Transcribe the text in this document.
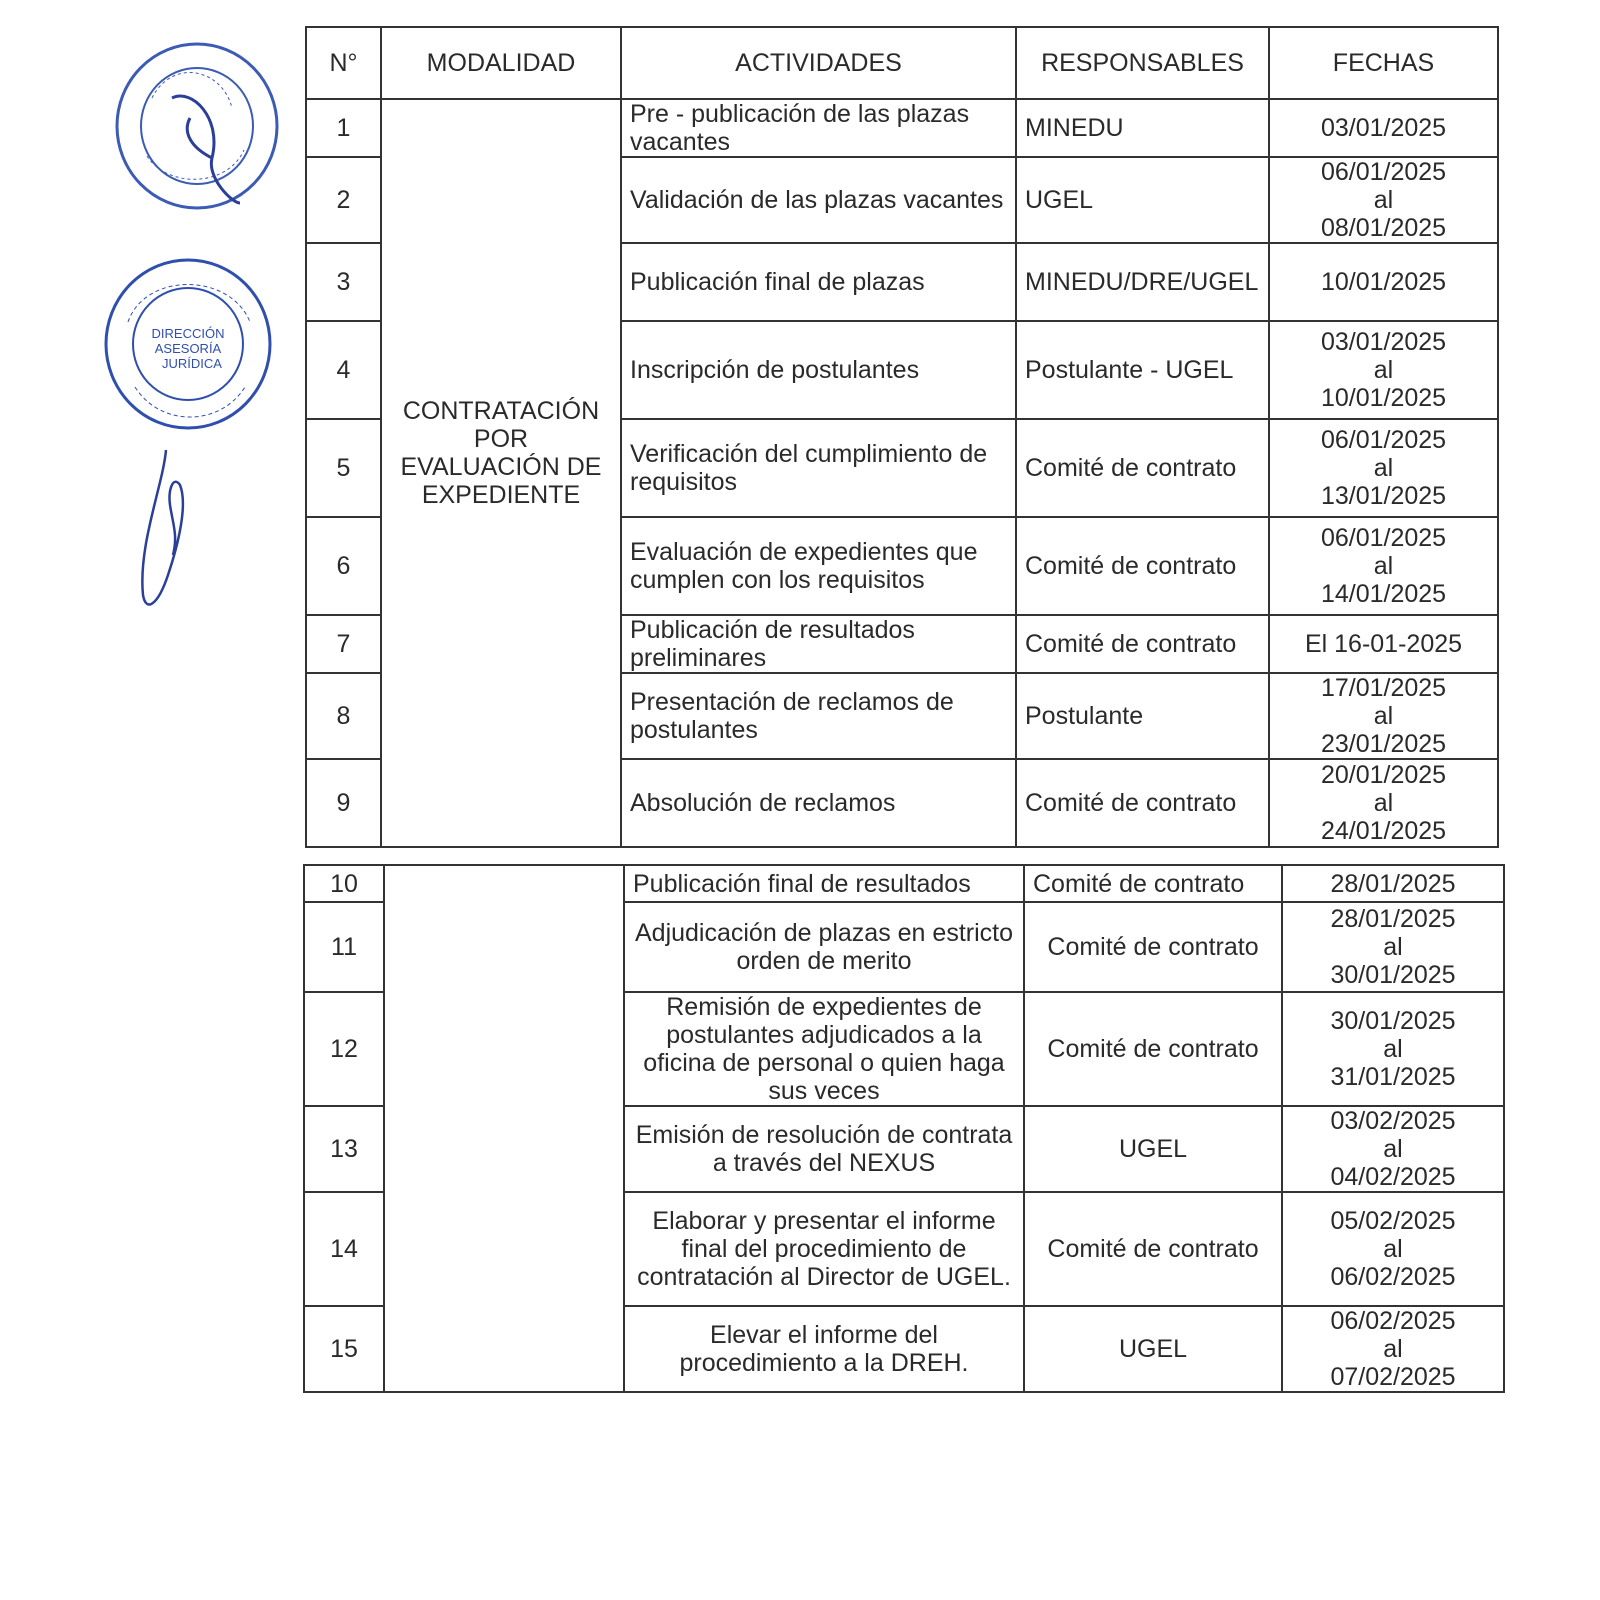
DIRECCIÓN
ASESORÍA
JURÍDICA
N°	MODALIDAD	ACTIVIDADES	RESPONSABLES	FECHAS
1	CONTRATACIÓN
POR
EVALUACIÓN DE
EXPEDIENTE	Pre - publicación de las plazas vacantes	MINEDU	03/01/2025
2		Validación de las plazas vacantes	UGEL	06/01/2025
al
08/01/2025

3		Publicación final de plazas	MINEDU/DRE/UGEL	10/01/2025
4		Inscripción de postulantes	Postulante - UGEL	03/01/2025
al
10/01/2025

5		Verificación del cumplimiento de requisitos	Comité de contrato	06/01/2025
al
13/01/2025

6		Evaluación de expedientes que cumplen con los requisitos	Comité de contrato	06/01/2025
al
14/01/2025

7		Publicación de resultados preliminares	Comité de contrato	El 16-01-2025
8		Presentación de reclamos de postulantes	Postulante	17/01/2025
al
23/01/2025

9		Absolución de reclamos	Comité de contrato	20/01/2025
al
24/01/2025
10		Publicación final de resultados	Comité de contrato	28/01/2025
11		Adjudicación de plazas en estricto orden de merito	Comité de contrato	28/01/2025
al
30/01/2025

12		Remisión de expedientes de postulantes adjudicados a la oficina de personal o quien haga sus veces	Comité de contrato	30/01/2025
al
31/01/2025

13		Emisión de resolución de contrata a través del NEXUS	UGEL	03/02/2025
al
04/02/2025

14		Elaborar y presentar el informe final del procedimiento de contratación al Director de UGEL.	Comité de contrato	05/02/2025
al
06/02/2025

15		Elevar el informe del procedimiento a la DREH.	UGEL	06/02/2025
al
07/02/2025
